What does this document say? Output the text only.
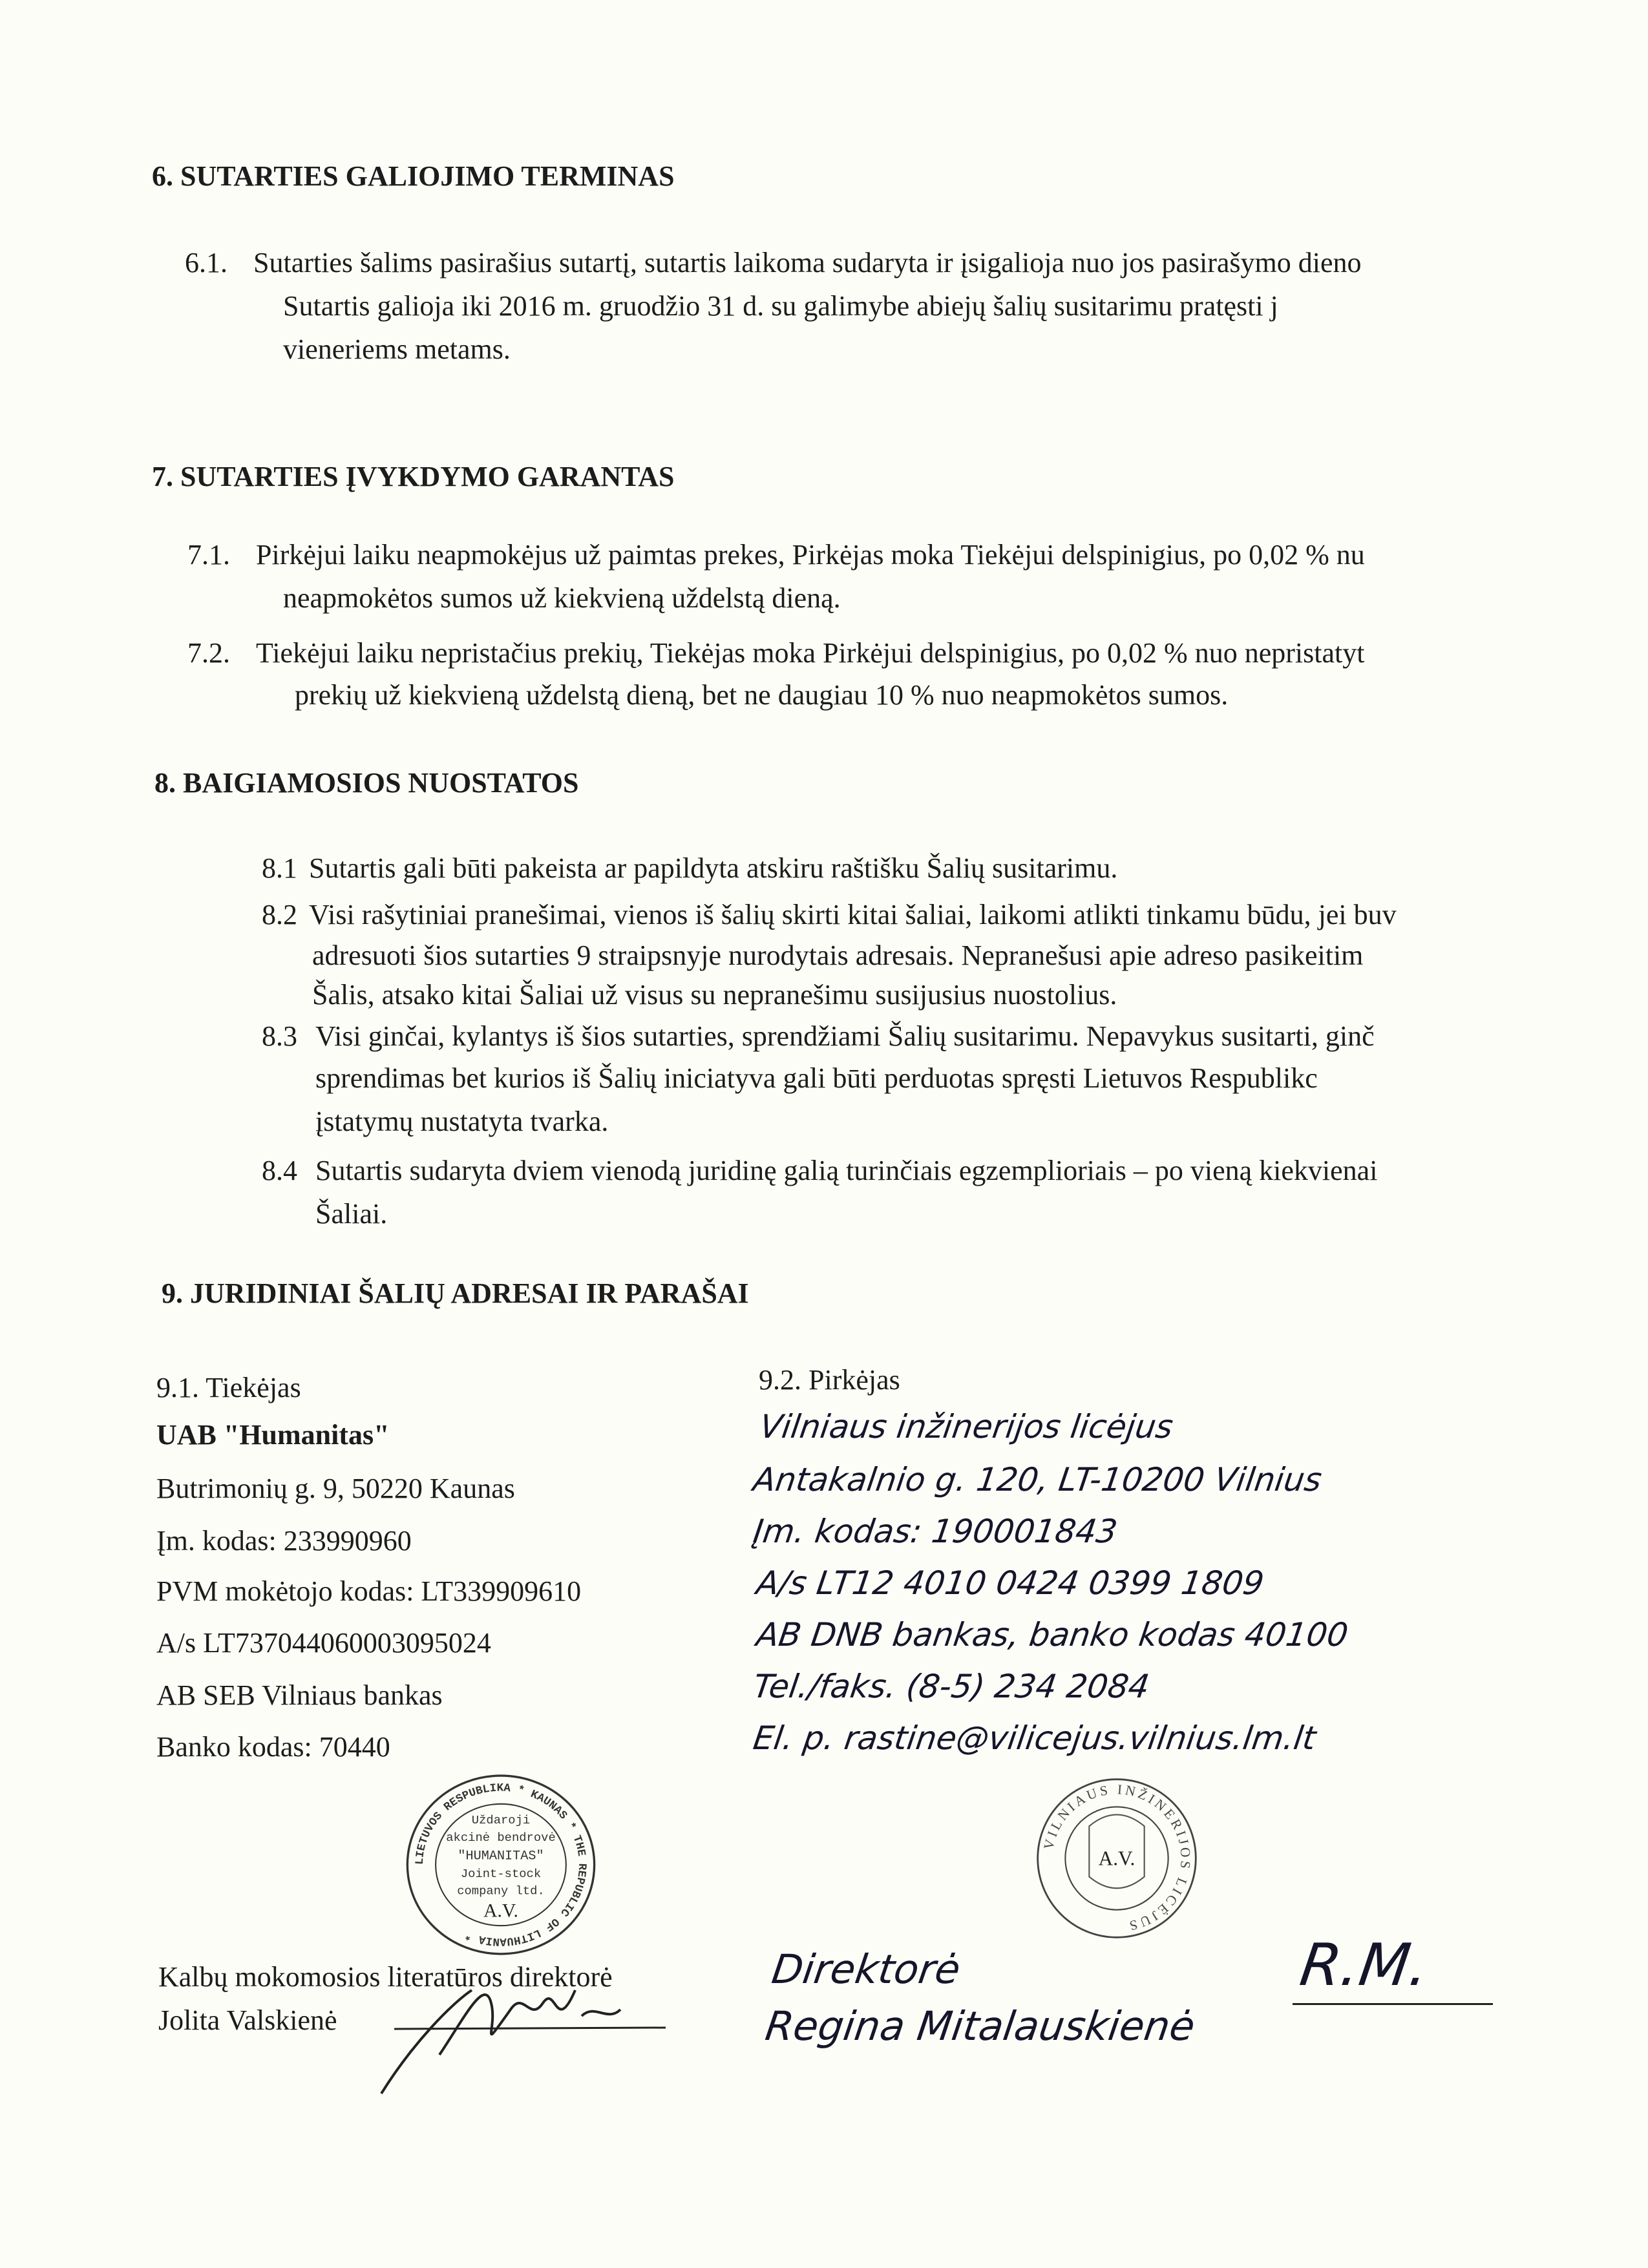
6. SUTARTIES GALIOJIMO TERMINAS
6.1. Sutarties šalims pasirašius sutartį, sutartis laikoma sudaryta ir įsigalioja nuo jos pasirašymo dieno
Sutartis galioja iki 2016 m. gruodžio 31 d. su galimybe abiejų šalių susitarimu pratęsti j
vieneriems metams.
7. SUTARTIES ĮVYKDYMO GARANTAS
7.1. Pirkėjui laiku neapmokėjus už paimtas prekes, Pirkėjas moka Tiekėjui delspinigius, po 0,02 % nu
neapmokėtos sumos už kiekvieną uždelstą dieną.
7.2. Tiekėjui laiku nepristačius prekių, Tiekėjas moka Pirkėjui delspinigius, po 0,02 % nuo nepristatyt
prekių už kiekvieną uždelstą dieną, bet ne daugiau 10 % nuo neapmokėtos sumos.
8. BAIGIAMOSIOS NUOSTATOS
8.1 Sutartis gali būti pakeista ar papildyta atskiru raštišku Šalių susitarimu.
8.2 Visi rašytiniai pranešimai, vienos iš šalių skirti kitai šaliai, laikomi atlikti tinkamu būdu, jei buv
adresuoti šios sutarties 9 straipsnyje nurodytais adresais. Nepranešusi apie adreso pasikeitim
Šalis, atsako kitai Šaliai už visus su nepranešimu susijusius nuostolius.
8.3 Visi ginčai, kylantys iš šios sutarties, sprendžiami Šalių susitarimu. Nepavykus susitarti, ginč
sprendimas bet kurios iš Šalių iniciatyva gali būti perduotas spręsti Lietuvos Respublikc
įstatymų nustatyta tvarka.
8.4 Sutartis sudaryta dviem vienodą juridinę galią turinčiais egzemplioriais – po vieną kiekvienai
Šaliai.
9. JURIDINIAI ŠALIŲ ADRESAI IR PARAŠAI
9.1. Tiekėjas
UAB "Humanitas"
Butrimonių g. 9, 50220 Kaunas
Įm. kodas: 233990960
PVM mokėtojo kodas: LT339909610
A/s LT737044060003095024
AB SEB Vilniaus bankas
Banko kodas: 70440
Kalbų mokomosios literatūros direktorė
Jolita Valskienė
LIETUVOS RESPUBLIKA * KAUNAS * THE REPUBLIC OF LITHUANIA *
Uždaroji
akcinė bendrovė
"HUMANITAS"
Joint-stock
company ltd.
A.V.
9.2. Pirkėjas
Vilniaus inžinerijos licėjus
Antakalnio g. 120, LT-10200 Vilnius
Įm. kodas: 190001843
A/s LT12 4010 0424 0399 1809
AB DNB bankas, banko kodas 40100
Tel./faks. (8-5) 234 2084
El. p. rastine@vilicejus.vilnius.lm.lt
VILNIAUS INŽINERIJOS LICĖJUS
A.V.
Direktorė
Regina Mitalauskienė
R.M.
